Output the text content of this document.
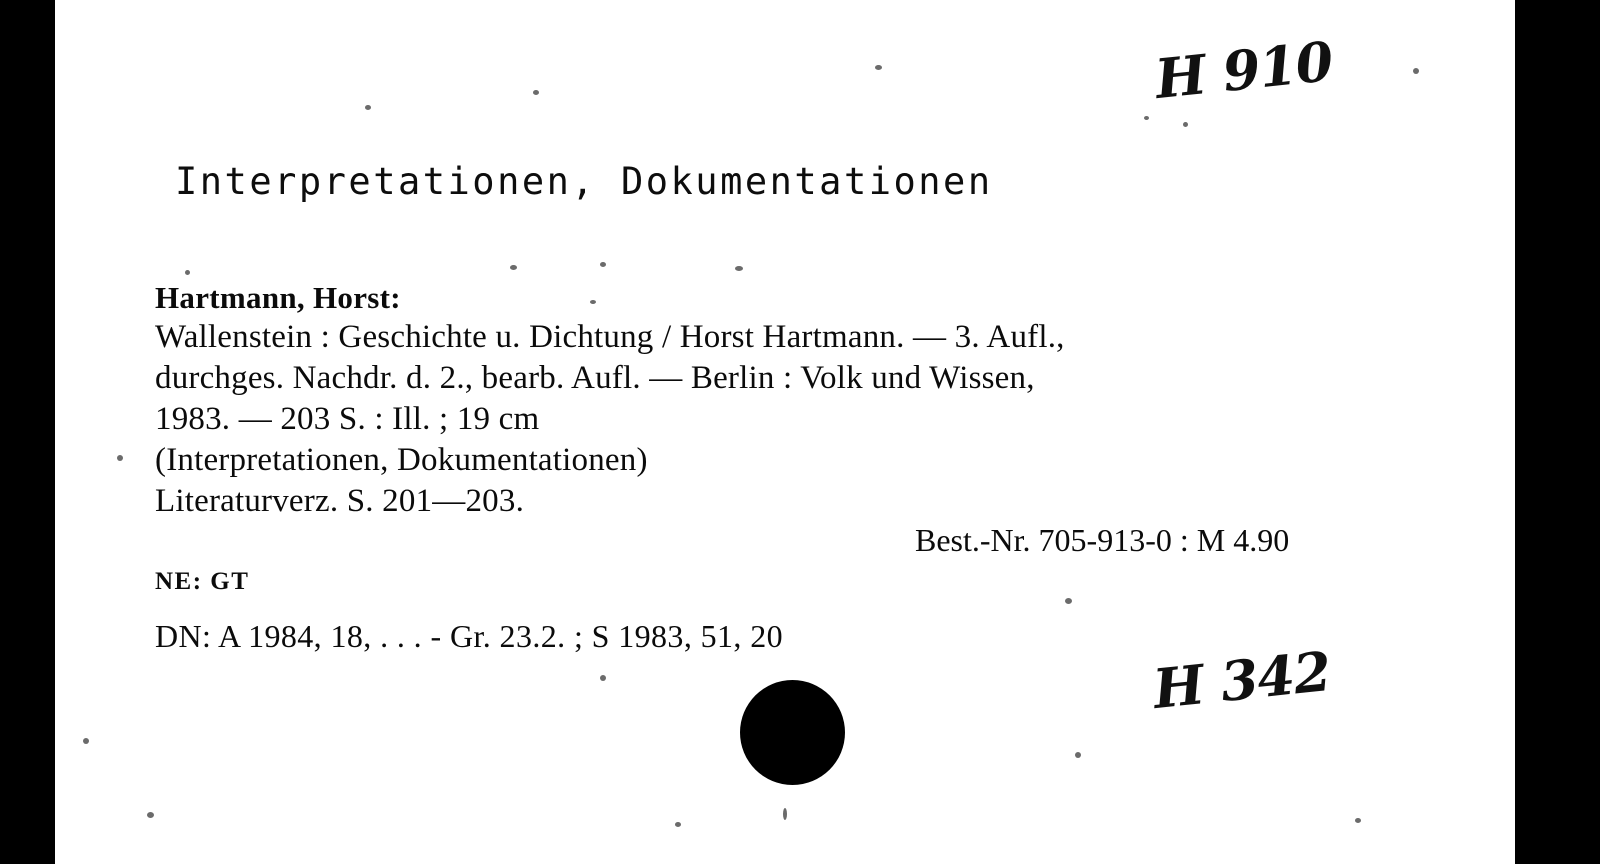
H 910
Interpretationen, Dokumentationen
Hartmann, Horst:
Wallenstein : Geschichte u. Dichtung / Horst Hartmann. — 3. Aufl.,
durchges. Nachdr. d. 2., bearb. Aufl. — Berlin : Volk und Wissen,
1983. — 203 S. : Ill. ; 19 cm
(Interpretationen, Dokumentationen)
Literaturverz. S. 201—203.
Best.-Nr. 705-913-0 : M 4.90
NE: GT
DN: A 1984, 18, . . . - Gr. 23.2. ; S 1983, 51, 20
H 342
